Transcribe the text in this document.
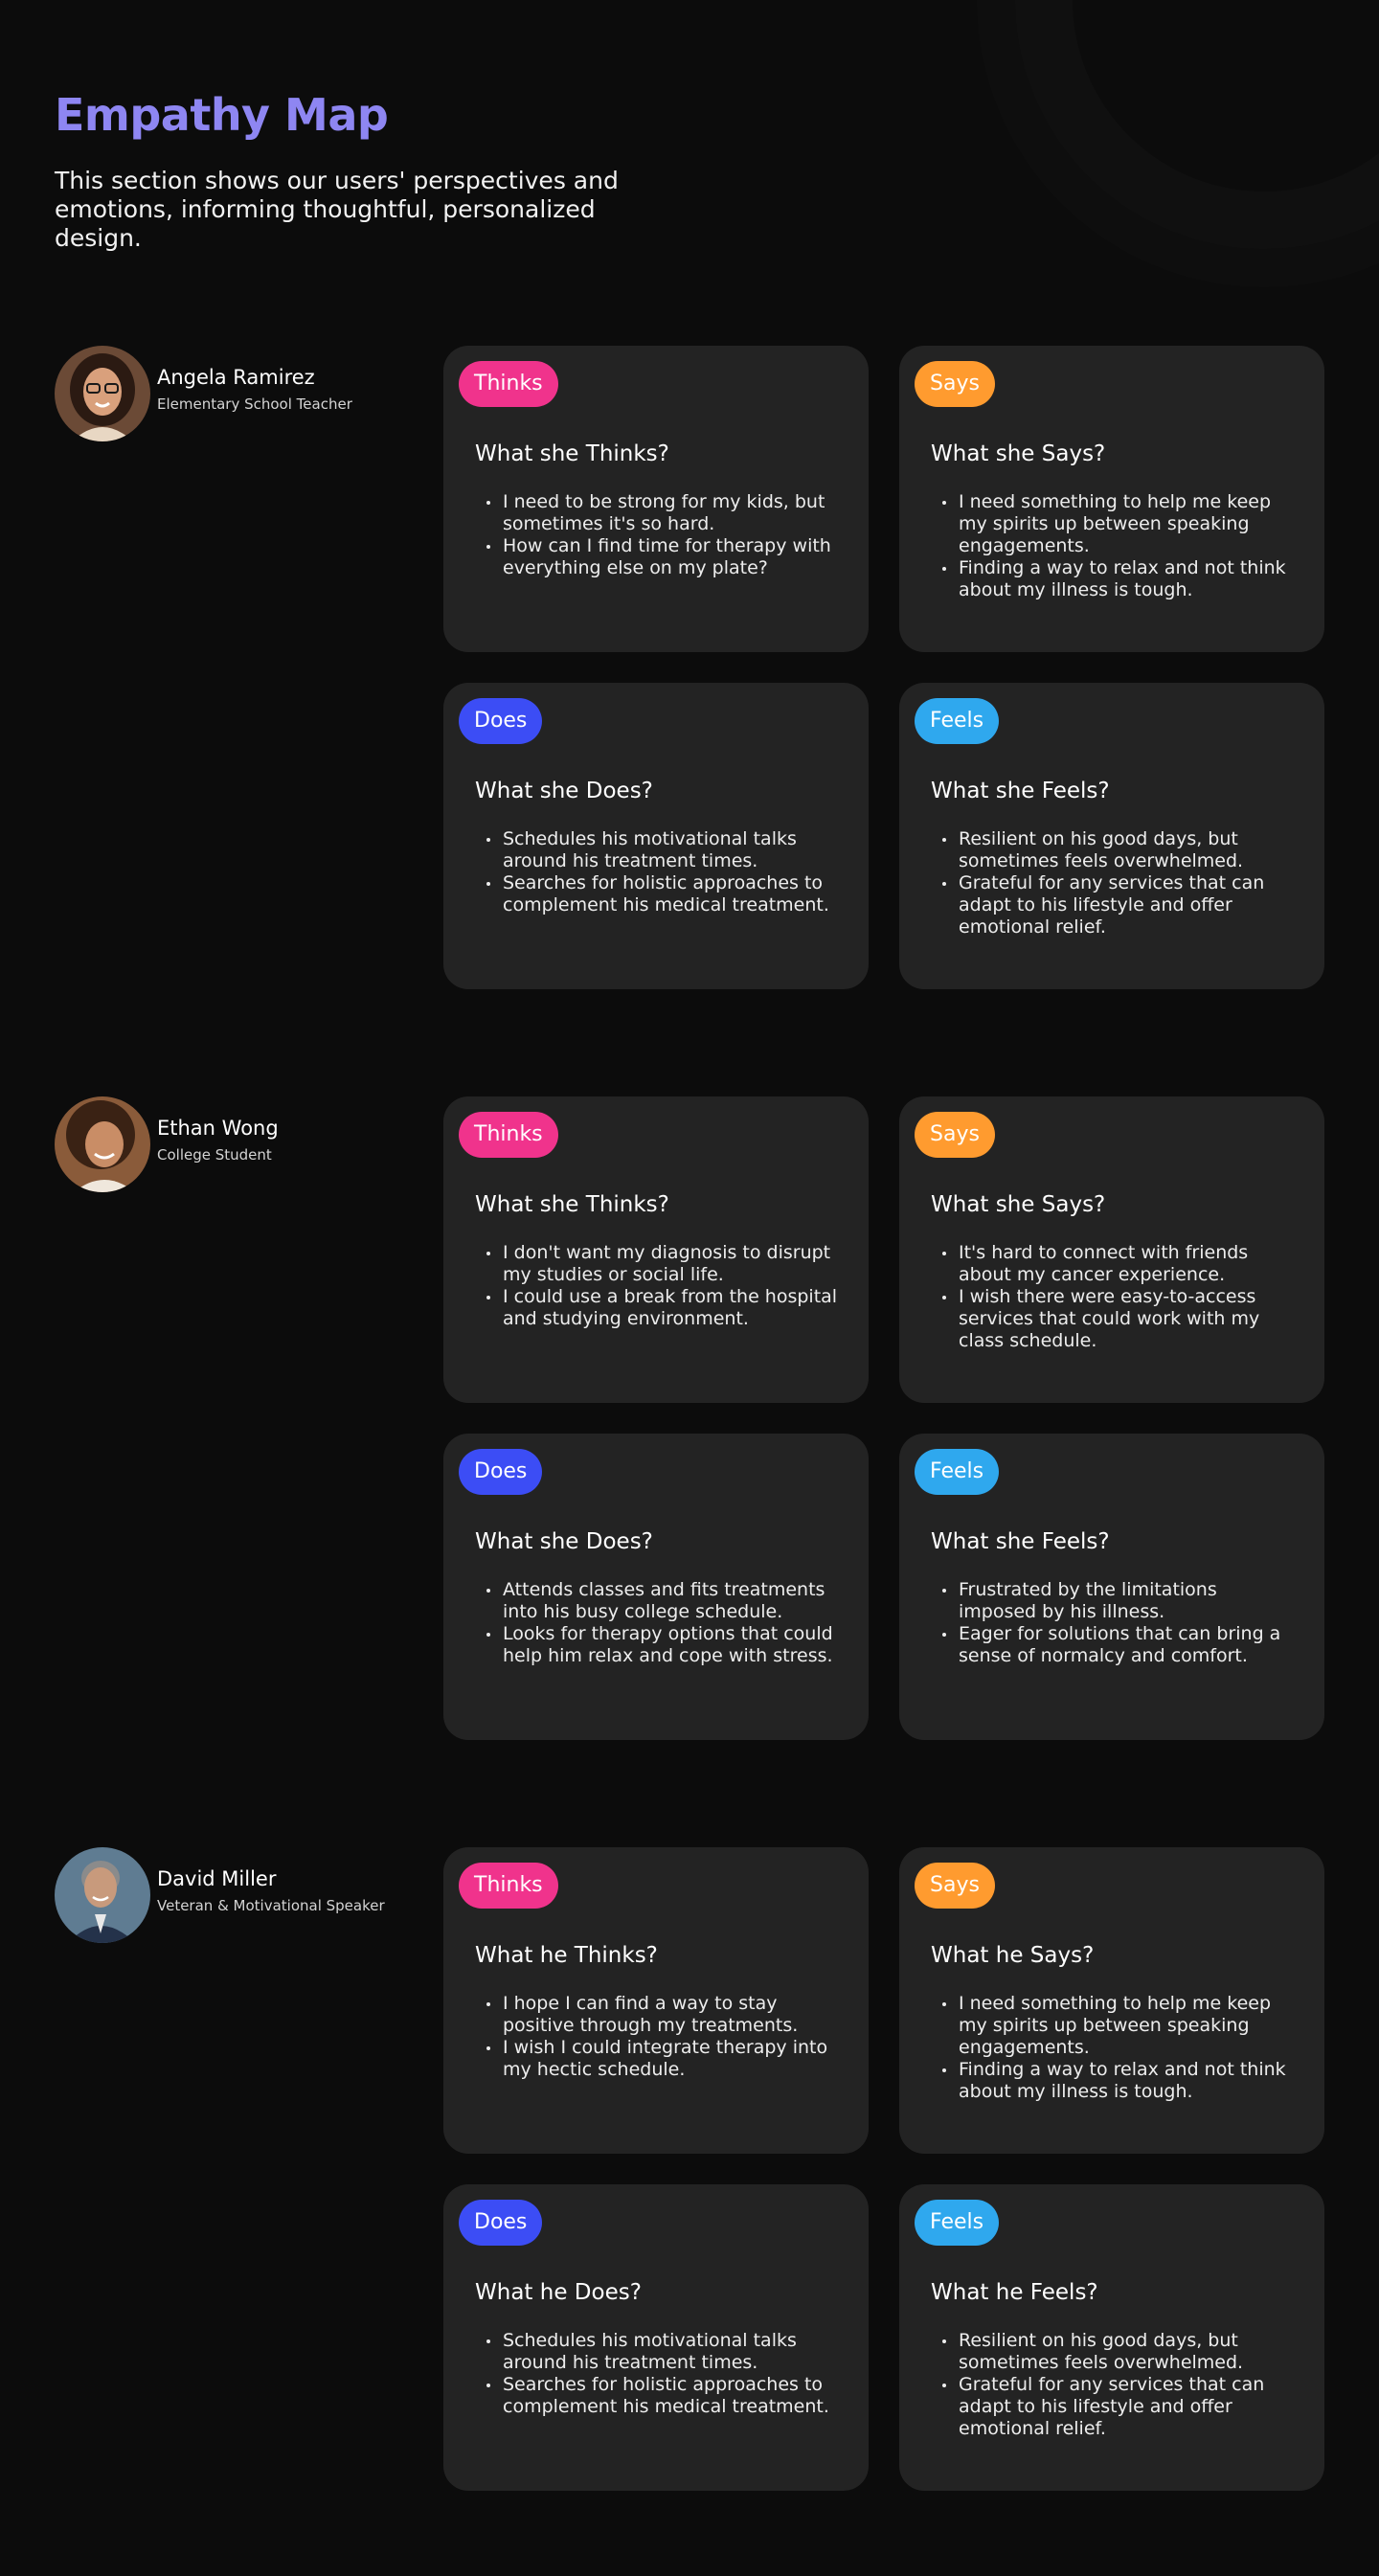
Empathy Map

This section shows our users' perspectives and emotions, informing thoughtful, personalized design.

Angela Ramirez
Elementary School Teacher
Thinks
What she Thinks?
I need to be strong for my kids, but sometimes it's so hard.
How can I find time for therapy with everything else on my plate?
Says
What she Says?
I need something to help me keep my spirits up between speaking engagements.
Finding a way to relax and not think about my illness is tough.
Does
What she Does?
Schedules his motivational talks around his treatment times.
Searches for holistic approaches to complement his medical treatment.
Feels
What she Feels?
Resilient on his good days, but sometimes feels overwhelmed.
Grateful for any services that can adapt to his lifestyle and offer emotional relief.
Ethan Wong
College Student
Thinks
What she Thinks?
I don't want my diagnosis to disrupt my studies or social life.
I could use a break from the hospital and studying environment.
Says
What she Says?
It's hard to connect with friends about my cancer experience.
I wish there were easy-to-access services that could work with my class schedule.
Does
What she Does?
Attends classes and fits treatments into his busy college schedule.
Looks for therapy options that could help him relax and cope with stress.
Feels
What she Feels?
Frustrated by the limitations imposed by his illness.
Eager for solutions that can bring a sense of normalcy and comfort.
David Miller
Veteran & Motivational Speaker
Thinks
What he Thinks?
I hope I can find a way to stay positive through my treatments.
I wish I could integrate therapy into my hectic schedule.
Says
What he Says?
I need something to help me keep my spirits up between speaking engagements.
Finding a way to relax and not think about my illness is tough.
Does
What he Does?
Schedules his motivational talks around his treatment times.
Searches for holistic approaches to complement his medical treatment.
Feels
What he Feels?
Resilient on his good days, but sometimes feels overwhelmed.
Grateful for any services that can adapt to his lifestyle and offer emotional relief.
